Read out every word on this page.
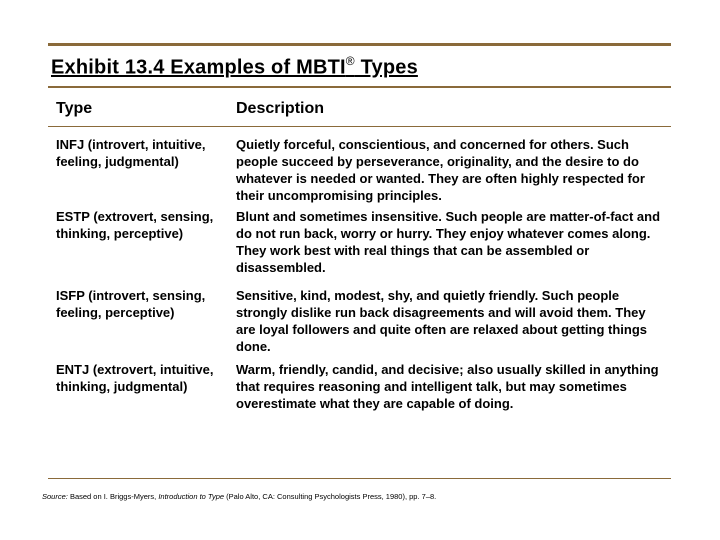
Exhibit 13.4 Examples of MBTI® Types
Type	Description
INFJ (introvert, intuitive, feeling, judgmental)
Quietly forceful, conscientious, and concerned for others. Such people succeed by perseverance, originality, and the desire to do whatever is needed or wanted. They are often highly respected for their uncompromising principles.
ESTP (extrovert, sensing, thinking, perceptive)
Blunt and sometimes insensitive. Such people are matter-of-fact and do not run back, worry or hurry. They enjoy whatever comes along. They work best with real things that can be assembled or disassembled.
ISFP (introvert, sensing, feeling, perceptive)
Sensitive, kind, modest, shy, and quietly friendly. Such people strongly dislike run back disagreements and will avoid them. They are loyal followers and quite often are relaxed about getting things done.
ENTJ (extrovert, intuitive, thinking, judgmental)
Warm, friendly, candid, and decisive; also usually skilled in anything that requires reasoning and intelligent talk, but may sometimes overestimate what they are capable of doing.
Source: Based on I. Briggs-Myers, Introduction to Type (Palo Alto, CA: Consulting Psychologists Press, 1980), pp. 7–8.
